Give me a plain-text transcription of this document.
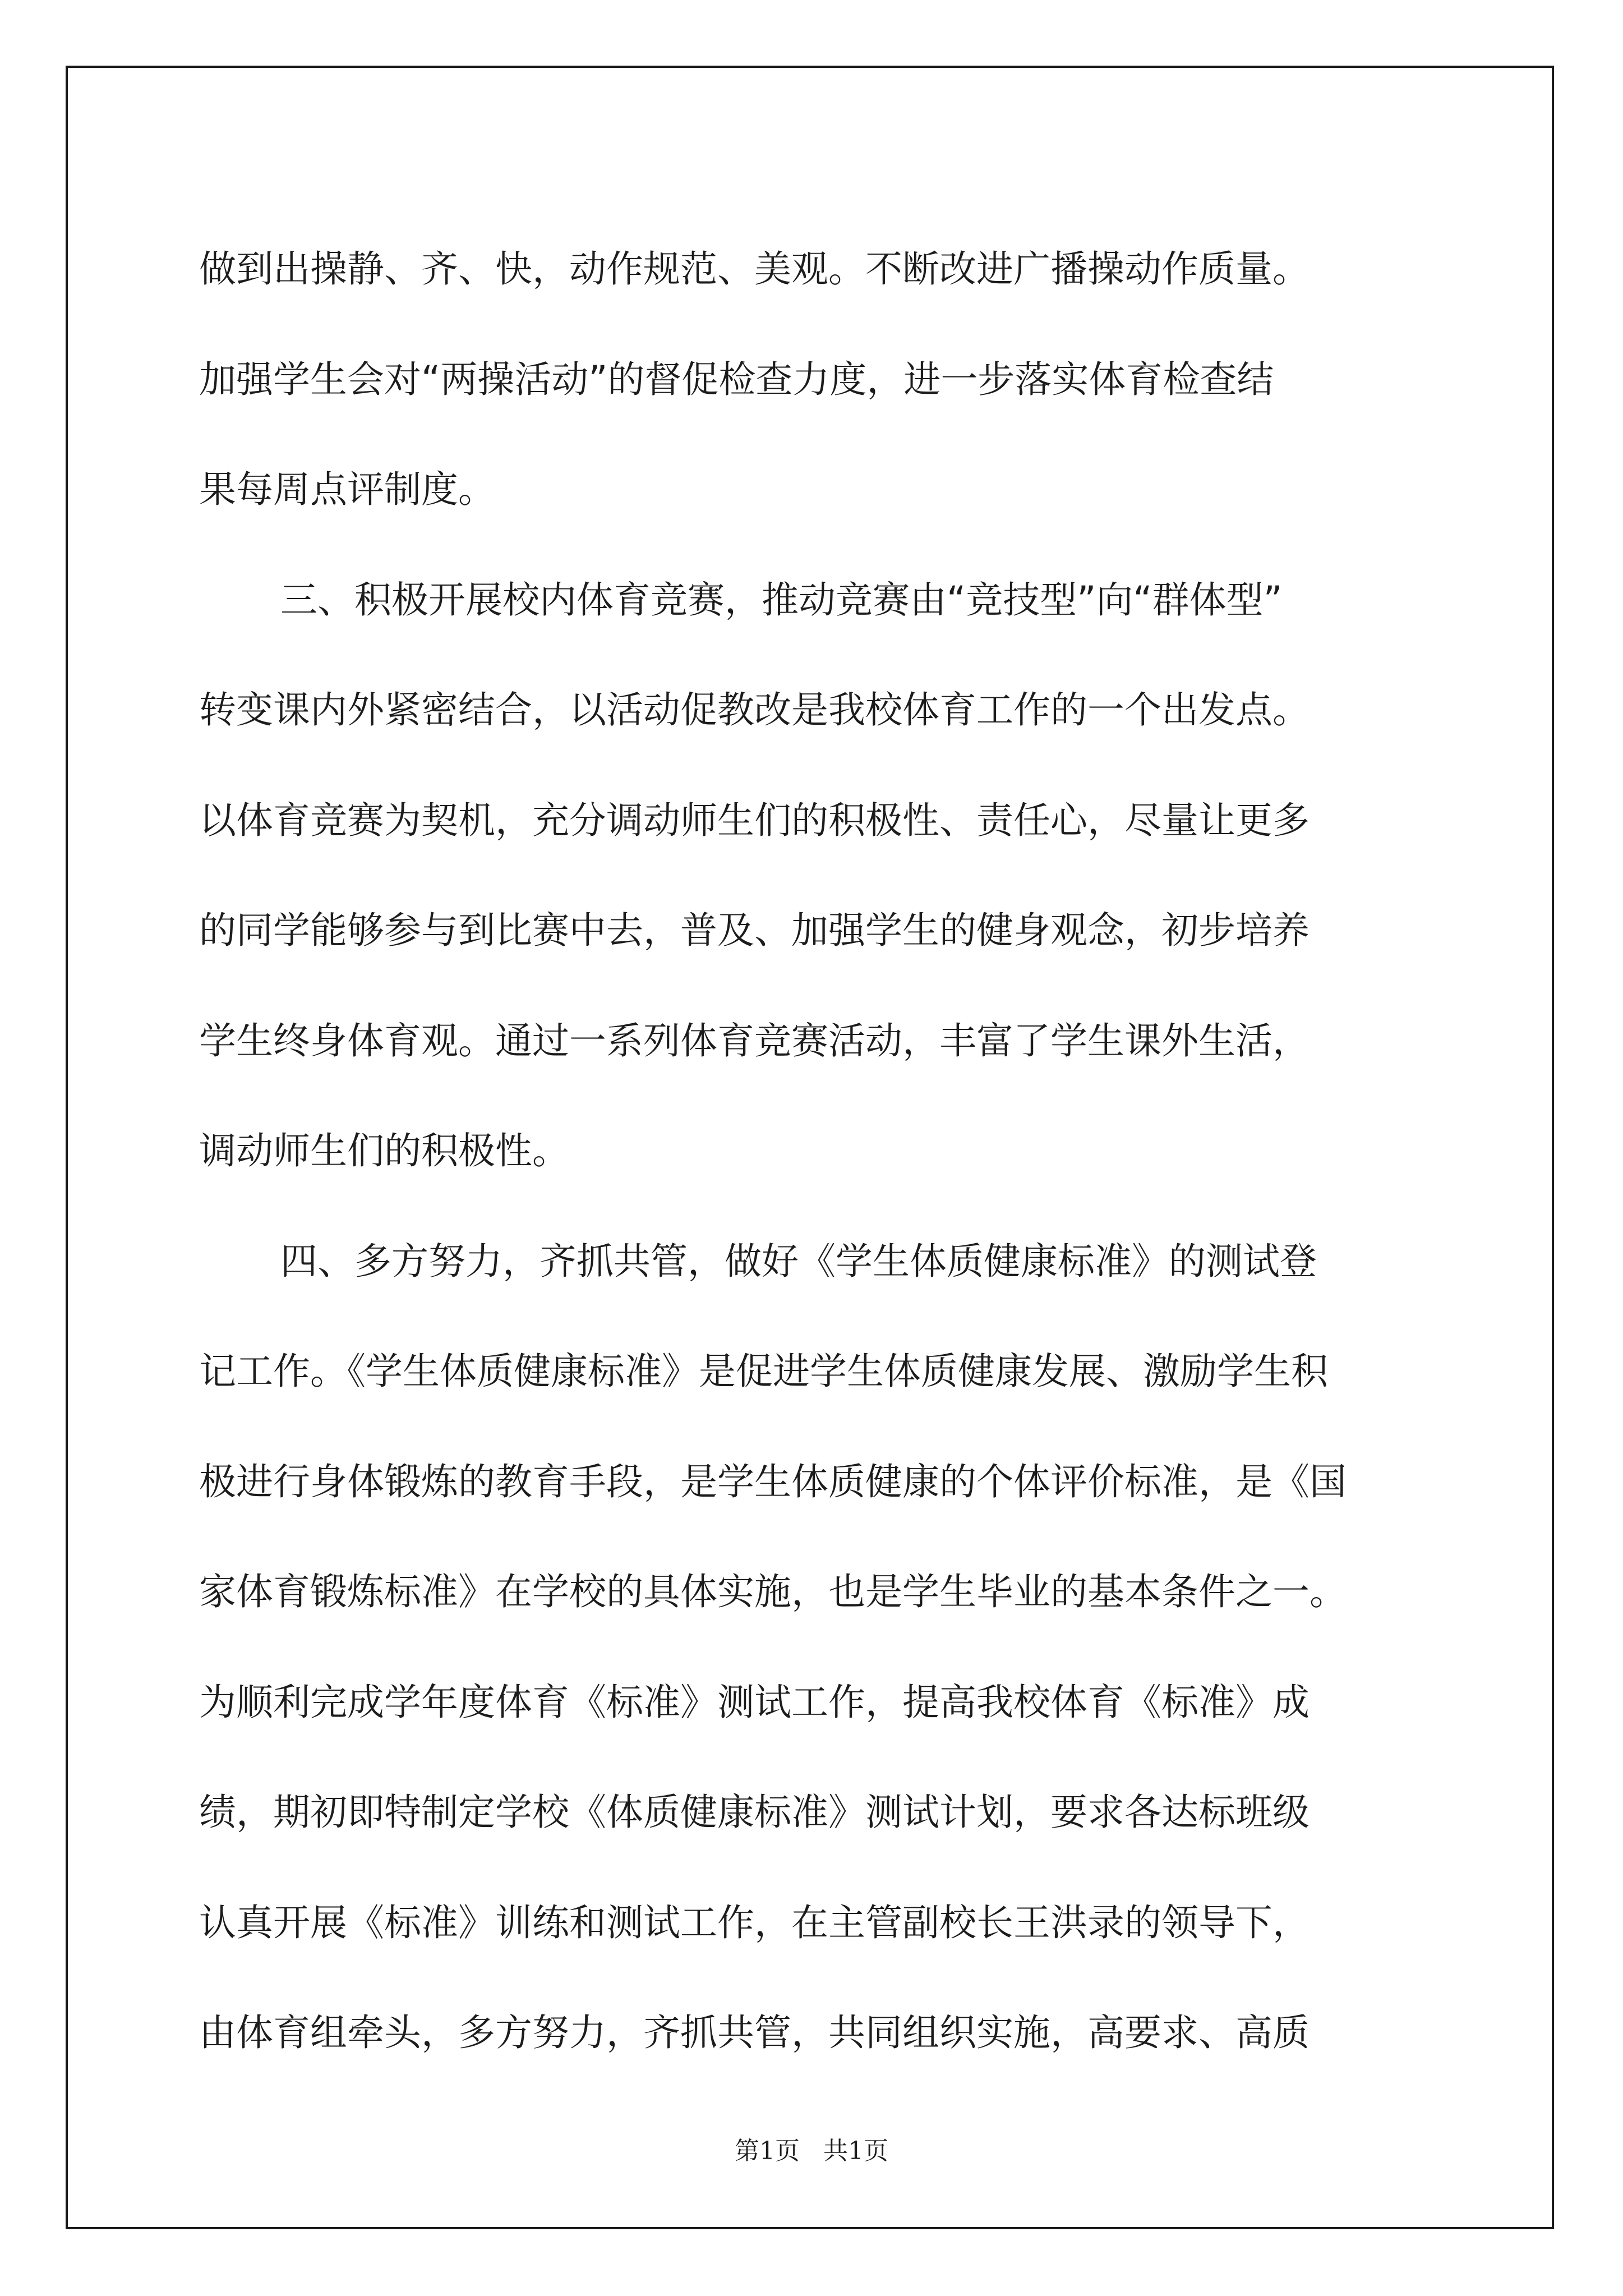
做到出操静、齐、快，动作规范、美观。不断改进广播操动作质量。
加强学生会对“两操活动”的督促检查力度，进一步落实体育检查结
果每周点评制度。
三、积极开展校内体育竞赛，推动竞赛由“竞技型”向“群体型”
转变课内外紧密结合，以活动促教改是我校体育工作的一个出发点。
以体育竞赛为契机，充分调动师生们的积极性、责任心，尽量让更多
的同学能够参与到比赛中去，普及、加强学生的健身观念，初步培养
学生终身体育观。通过一系列体育竞赛活动，丰富了学生课外生活，
调动师生们的积极性。
四、多方努力，齐抓共管，做好《学生体质健康标准》的测试登
记工作。《学生体质健康标准》是促进学生体质健康发展、激励学生积
极进行身体锻炼的教育手段，是学生体质健康的个体评价标准，是《国
家体育锻炼标准》在学校的具体实施，也是学生毕业的基本条件之一。
为顺利完成学年度体育《标准》测试工作，提高我校体育《标准》成
绩，期初即特制定学校《体质健康标准》测试计划，要求各达标班级
认真开展《标准》训练和测试工作，在主管副校长王洪录的领导下，
由体育组牵头，多方努力，齐抓共管，共同组织实施，高要求、高质
第1页   共1页
